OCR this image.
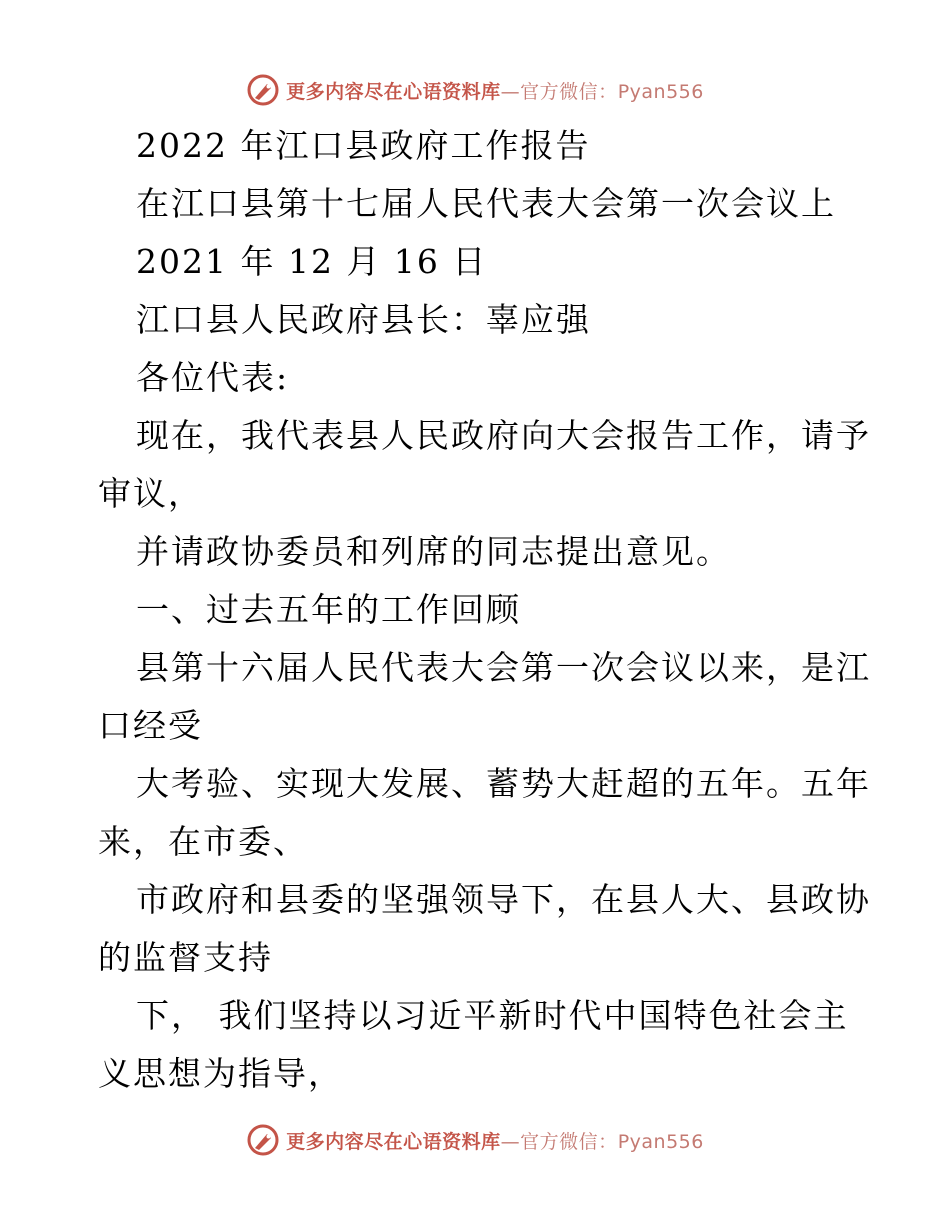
更多内容尽在心语资料库—官方微信：Pyan556
2022 年江口县政府工作报告
在江口县第十七届人民代表大会第一次会议上
2021 年 12 月 16 日
江口县人民政府县长：辜应强
各位代表:
现在，我代表县人民政府向大会报告工作，请予
审议，
并请政协委员和列席的同志提出意见。
一、过去五年的工作回顾
县第十六届人民代表大会第一次会议以来，是江
口经受
大考验、实现大发展、蓄势大赶超的五年。五年
来，在市委、
市政府和县委的坚强领导下，在县人大、县政协
的监督支持
下， 我们坚持以习近平新时代中国特色社会主
义思想为指导，
更多内容尽在心语资料库—官方微信：Pyan556
